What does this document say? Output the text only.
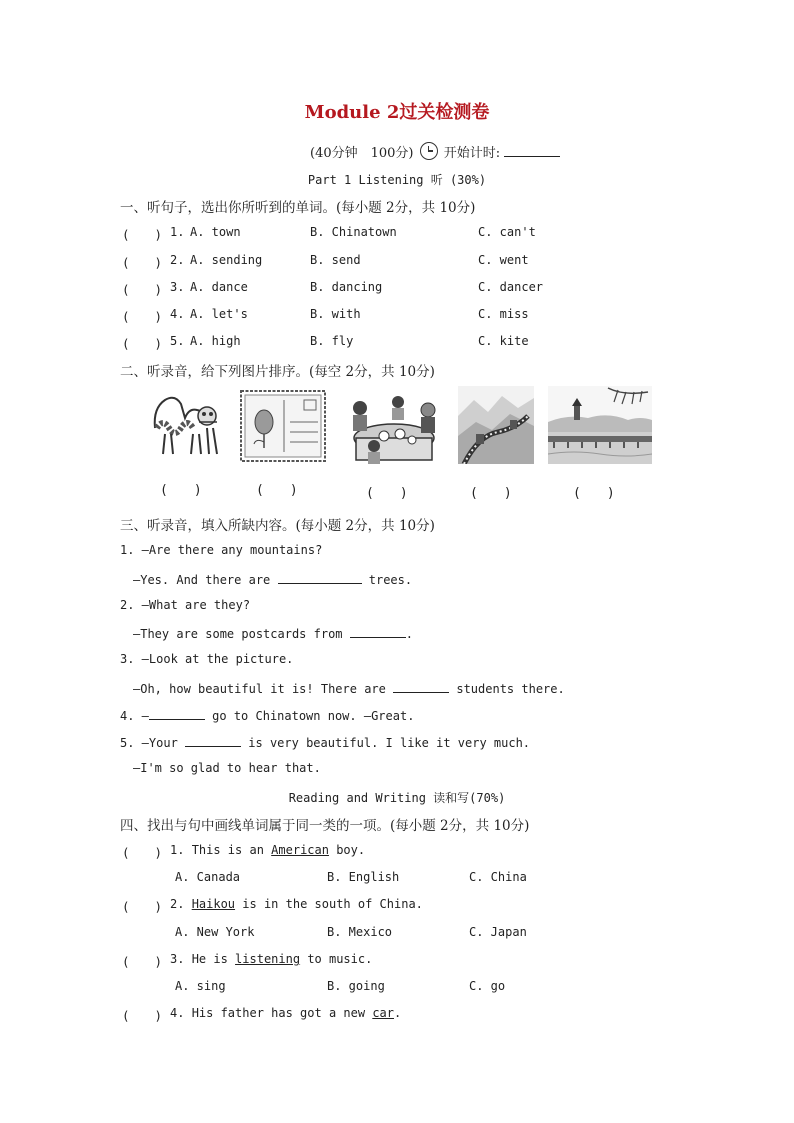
Module 2过关检测卷
(40分钟　100分) 开始计时:
Part 1 Listening 听 (30%)
一、听句子，选出你所听到的单词。(每小题 2分，共 10分)
(　　) 1. A. town	B. Chinatown	C. can't
(　　) 2. A. sending	B. send	C. went
(　　) 3. A. dance	B. dancing	C. dancer
(　　) 4. A. let's	B. with	C. miss
(　　) 5. A. high	B. fly	C. kite
二、听录音，给下列图片排序。(每空 2分，共 10分)
(　　)	(　　)	(　　)	(　　)	(　　)
三、听录音，填入所缺内容。(每小题 2分，共 10分)
1. —Are there any mountains?
—Yes. And there are	trees.
2. —What are they?
—They are some postcards from	.
3. —Look at the picture.
—Oh, how beautiful it is! There are	students there.
4. —	go to Chinatown now. —Great.
5. —Your	is very beautiful. I like it very much.
—I'm so glad to hear that.
Reading and Writing 读和写(70%)
四、找出与句中画线单词属于同一类的一项。(每小题 2分，共 10分)
(　　) 1. This is an American boy.
A. Canada	B. English	C. China
(　　) 2. Haikou is in the south of China.
A. New York	B. Mexico	C. Japan
(　　) 3. He is listening to music.
A. sing	B. going	C. go
(　　) 4. His father has got a new car.
